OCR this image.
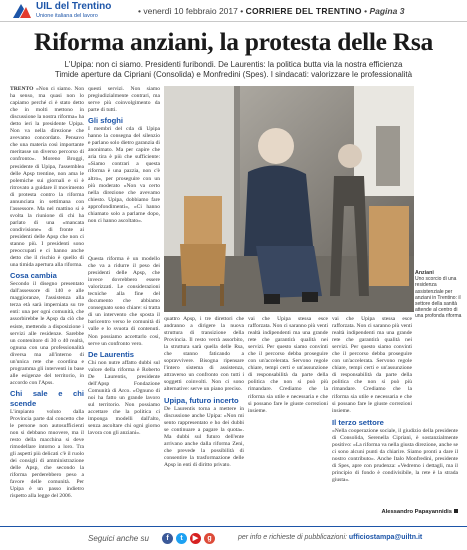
UIL del Trentino
Unione italiana del lavoro	• venerdì 10 febbraio 2017 • CORRIERE DEL TRENTINO • Pagina 3
Riforma anziani, la protesta delle Rsa
L'Upipa: non ci siamo. Presidenti furibondi. De Laurentis: la politica butta via la nostra efficienza
Timide aperture da Cipriani (Consolida) e Monfredini (Spes). I sindacati: valorizzare le professionalità

TRENTO «Non ci siamo. Non ha senso, ma quasi non lo capiamo perché ci è stato detto che in molti mettono in discussione la nostra riforma» ha detto ieri la presidente Upipa. Non va nella direzione che avevamo concordato. Pensavo che una materia così importante meritasse un diverso percorso di confronto». Moreno Broggi, presidente di Upipa, l'assemblea delle Apsp trentine, non ama le polemiche sui giornali e si è ritrovato a guidare il movimento di protesta contro la riforma annunciata in settimana con l'assessore. Ma nel mattino si è svolta la riunione di chi ha parlato di una «mancata condivisione» di fronte ai presidenti delle Apsp che non ci stanno più. I presidenti sono preoccupati e ci hanno anche detto che il rischio è quello di una timida apertura alla riforma.

Cosa cambia

Secondo il disegno presentato dall'assessore di 140 e alle maggioranze, l'assistenza alla terza età sarà imperniata su tre enti: una per ogni comunità, che assorbirebbe le Apsp da ciò che esiste, mettendo a disposizione i servizi alle residenze. Sarebbe un contenitore di 30 o 40 realtà, ognuna con una professionalità diversa ma all'interno di un'unica rete che coordina e programma gli interventi in base alle esigenze del territorio, in accordo con l'Apss.

Chi sale e chi scende

L'impianto voluto dalla Provincia parte dal concetto che le persone non autosufficienti non si debbano muovere, ma il resto della macchina si deve rimodellare intorno a loro. Tra gli aspetti più delicati c'è il ruolo dei consigli di amministrazione delle Apsp, che secondo la riforma perderebbero peso a favore delle comunità. Per Upipa è un passo indietro rispetto alla legge del 2006.

questi servizi. Non siamo pregiudizialmente contrari, ma serve più coinvolgimento da parte di tutti.

Gli sfoghi

I membri del cda di Upipa hanno la consegna del silenzio e parlano solo dietro garanzia di anonimato. Ma per capire che aria tira è più che sufficiente: «Siamo contrari a questa riforma è una pazzia, non c'è altro», per proseguire con un più moderato «Non va certo nella direzione che avevamo chiesto. Upipa, dobbiamo fare approfondimenti», «Ci hanno chiamato solo a parlarne dopo, non ci hanno ascoltato».

Questa riforma è un modello che va a ridurre il peso dei presidenti delle Apsp, che invece dovrebbero essere valorizzati. Le considerazioni tecniche alla fine del documento che abbiamo consegnato sono chiare: si tratta di un intervento che sposta il baricentro verso le comunità di valle e lo svuota di contenuti. Non possiamo accettarlo così, serve un confronto vero.

De Laurentis

Chi non nutre affatto dubbi sul valore della riforma è Roberto De Laurentis, presidente dell'Apsp Fondazione Comunità di Arco. «Ognuno di noi ha fatto un grande lavoro sul territorio. Non possiamo accettare che la politica ci imponga modelli dall'alto, senza ascoltare chi ogni giorno lavora con gli anziani».

Anziani
Uno scorcio di una residenza assistenziale per anziani in Trentino: il settore della sanità attende al centro di una profonda riforma

quattro Apsp, i tre direttori che andranno a dirigere la nuova struttura di transizione della Provincia. Il resto verrà assorbito, la struttura sarà quella delle Rsa, che stanno faticando a sopravvivere. Bisogna ripensare l'intero sistema di assistenza, attraverso un confronto con tutti i soggetti coinvolti. Non ci sono alternative: serve un piano preciso.

Upipa, futuro incerto

De Laurentis torna a mettere in discussione anche Upipa: «Non mi sento rappresentato e ho dei dubbi se continuare a pagare la quota». Ma dubbi sul futuro dell'ente arrivano anche dalla riforma Zeni, che prevede la possibilità di consentire la trasformazione delle Apsp in enti di diritto privato.

vai che Upipa stessa esce rafforzata. Non ci saranno più venti realtà indipendenti ma una grande rete che garantirà qualità nei servizi. Per questo siamo convinti che il percorso debba proseguire con un'accelerata. Servono regole chiare, tempi certi e un'assunzione di responsabilità da parte della politica che non si può più rimandare. Crediamo che la riforma sia utile e necessaria e che si possano fare le giuste correzioni insieme.

vai che Upipa stessa esce rafforzata. Non ci saranno più venti realtà indipendenti ma una grande rete che garantirà qualità nei servizi. Per questo siamo convinti che il percorso debba proseguire con un'accelerata. Servono regole chiare, tempi certi e un'assunzione di responsabilità da parte della politica che non si può più rimandare. Crediamo che la riforma sia utile e necessaria e che si possano fare le giuste correzioni insieme.

Il terzo settore

«Nella cooperazione sociale, il giudizio della presidente di Consolida, Serenella Cipriani, è sostanzialmente positivo: «La riforma va nella giusta direzione, anche se ci sono alcuni punti da chiarire. Siamo pronti a dare il nostro contributo». Anche Italo Monfredini, presidente di Spes, apre con prudenza: «Vedremo i dettagli, ma il principio di fondo è condivisibile, la rete è la strada giusta».

Alessandro Papayannidis
Seguici anche su	f	t	▶	g	per info e richieste di pubblicazioni: ufficiostampa@uiltn.it
